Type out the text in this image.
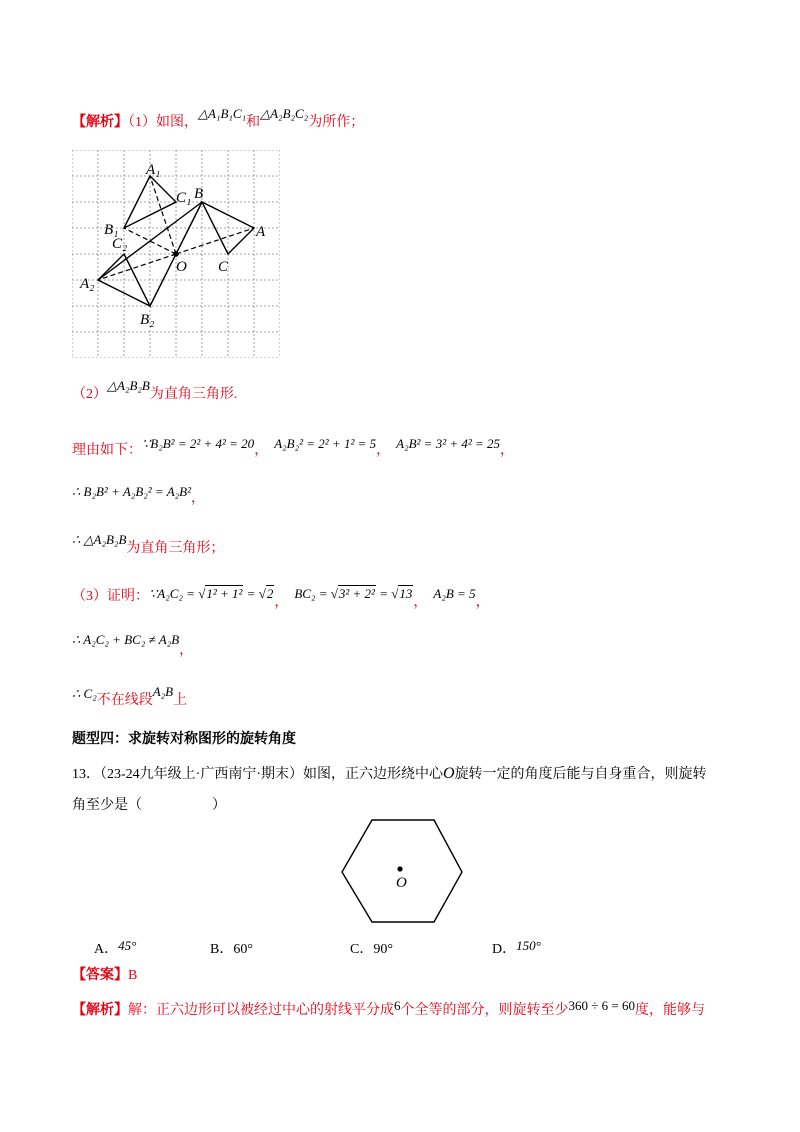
【解析】（1）如图，△A₁B₁C₁和△A₂B₂C₂为所作；
A₁
C₁ B
A
B₁
C₂
O C
A₂
B₂
（2）△A₂B₂B为直角三角形.
理由如下：∵B₂B² = 2² + 4² = 20， A₂B₂² = 2² + 1² = 5， A₂B² = 3² + 4² = 25，
∴ B₂B² + A₂B₂² = A₂B²，
∴ △A₂B₂B为直角三角形；
（3）证明：∵A₂C₂ = √1² + 1² = √2，BC₂ = √3² + 2² = √13，A₂B = 5，
∴ A₂C₂ + BC₂ ≠ A₂B，
∴ C₂不在线段A₂B上
题型四：求旋转对称图形的旋转角度
13．（23-24九年级上·广西南宁·期末）如图，正六边形绕中心O旋转一定的角度后能与自身重合，则旋转
角至少是（　　　　　）
O
A．45°	B．60°	C．90°	D．150°
【答案】B
【解析】解：正六边形可以被经过中心的射线平分成6个全等的部分，则旋转至少360 ÷ 6 = 60度，能够与
